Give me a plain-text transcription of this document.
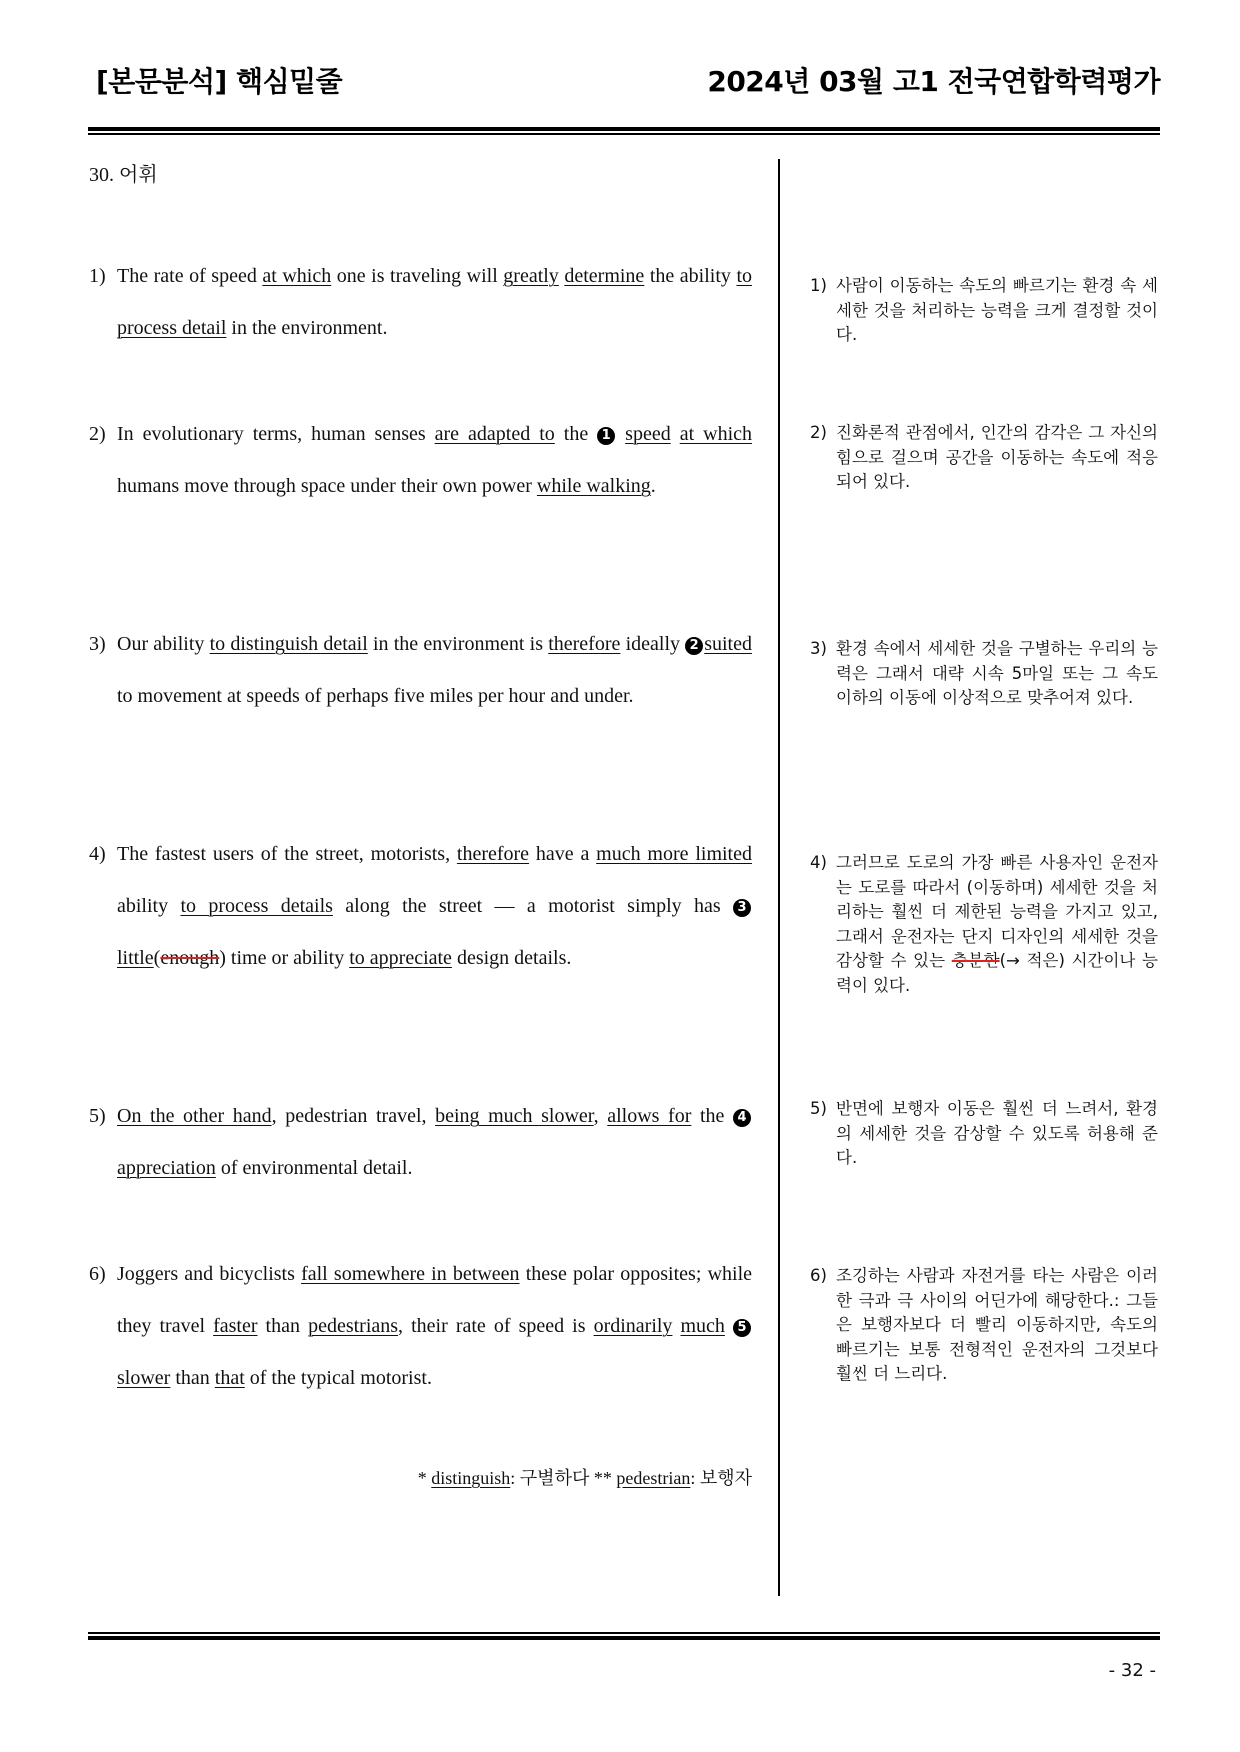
[본문분석] 핵심밑줄	2024년 03월 고1 전국연합학력평가
30. 어휘
1) The rate of speed at which one is traveling will greatly determine the ability to process detail in the environment.
2) In evolutionary terms, human senses are adapted to the 1 speed at which humans move through space under their own power while walking.
3) Our ability to distinguish detail in the environment is therefore ideally 2 suited to movement at speeds of perhaps five miles per hour and under.
4) The fastest users of the street, motorists, therefore have a much more limited ability to process details along the street — a motorist simply has 3little(enough) time or ability to appreciate design details.
5) On the other hand, pedestrian travel, being much slower, allows for the 4appreciation of environmental detail.
6) Joggers and bicyclists fall somewhere in between these polar opposites; while they travel faster than pedestrians, their rate of speed is ordinarily much 5slower than that of the typical motorist.
1) 사람이 이동하는 속도의 빠르기는 환경 속 세세한 것을 처리하는 능력을 크게 결정할 것이다.
2) 진화론적 관점에서, 인간의 감각은 그 자신의 힘으로 걸으며 공간을 이동하는 속도에 적응되어 있다.
3) 환경 속에서 세세한 것을 구별하는 우리의 능력은 그래서 대략 시속 5마일 또는 그 속도 이하의 이동에 이상적으로 맞추어져 있다.
4) 그러므로 도로의 가장 빠른 사용자인 운전자는 도로를 따라서 (이동하며) 세세한 것을 처리하는 훨씬 더 제한된 능력을 가지고 있고, 그래서 운전자는 단지 디자인의 세세한 것을 감상할 수 있는 충분한(→ 적은) 시간이나 능력이 있다.
5) 반면에 보행자 이동은 훨씬 더 느려서, 환경의 세세한 것을 감상할 수 있도록 허용해 준다.
6) 조깅하는 사람과 자전거를 타는 사람은 이러한 극과 극 사이의 어딘가에 해당한다.: 그들은 보행자보다 더 빨리 이동하지만, 속도의 빠르기는 보통 전형적인 운전자의 그것보다 훨씬 더 느리다.
* distinguish: 구별하다 ** pedestrian: 보행자
- 32 -
